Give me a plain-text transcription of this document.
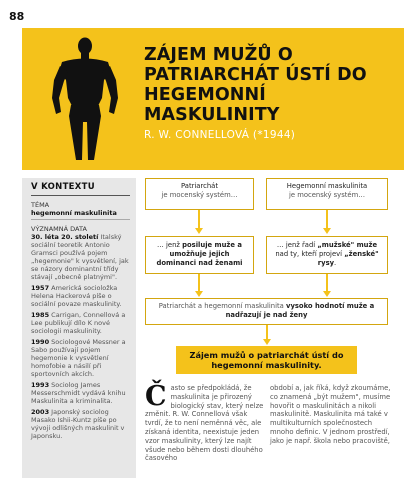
88
ZÁJEM MUŽŮ O PATRIARCHÁT ÚSTÍ DO HEGEMONNÍ MASKULINITY
R. W. CONNELLOVÁ (*1944)
V KONTEXTU
TÉMA
hegemonní maskulinita
VÝZNAMNÁ DATA
30. léta 20. století Italský sociální teoretik Antonio Gramsci používá pojem „hegemonie" k vysvětlení, jak se názory dominantní třídy stávají „obecně platnými".
1957 Americká socioložka Helena Hackerová píše o sociální povaze maskulinity.
1985 Carrigan, Connellová a Lee publikují dílo K nové sociologii maskulinity.
1990 Sociologové Messner a Sabo používají pojem hegemonie k vysvětlení homofobie a násilí při sportovních akcích.
1993 Sociolog James Messerschmidt vydává knihu Maskulinita a kriminalita.
2003 Japonský sociolog Masako Ishii-Kuntz píše po vývoji odlišných maskulinit v Japonsku.
Patriarchát
je mocenský systém…
Hegemonní maskulinita
je mocenský systém…
… jenž posiluje muže a umožňuje jejich dominanci nad ženami
… jenž řadí „mužské" muže nad ty, kteří projeví „ženské" rysy.
Patriarchát a hegemonní maskulinita vysoko hodnotí muže a nadřazují je nad ženy
Zájem mužů o patriarchát ústí do hegemonní maskulinity.
Č asto se předpokládá, že maskulinita je přirozený biologický stav, který nelze změnit. R. W. Connellová však tvrdí, že to není neměnná věc, ale získaná identita, neexistuje jeden vzor maskulinity, který lze najít všude nebo během dosti dlouhého časového
období a, jak říká, když zkoumáme, co znamená „být mužem", musíme hovořit o maskulinitách a nikoli maskulinitě. Maskulinita má také v multikulturních společnostech mnoho definic. V jednom prostředí, jako je např. škola nebo pracoviště,
